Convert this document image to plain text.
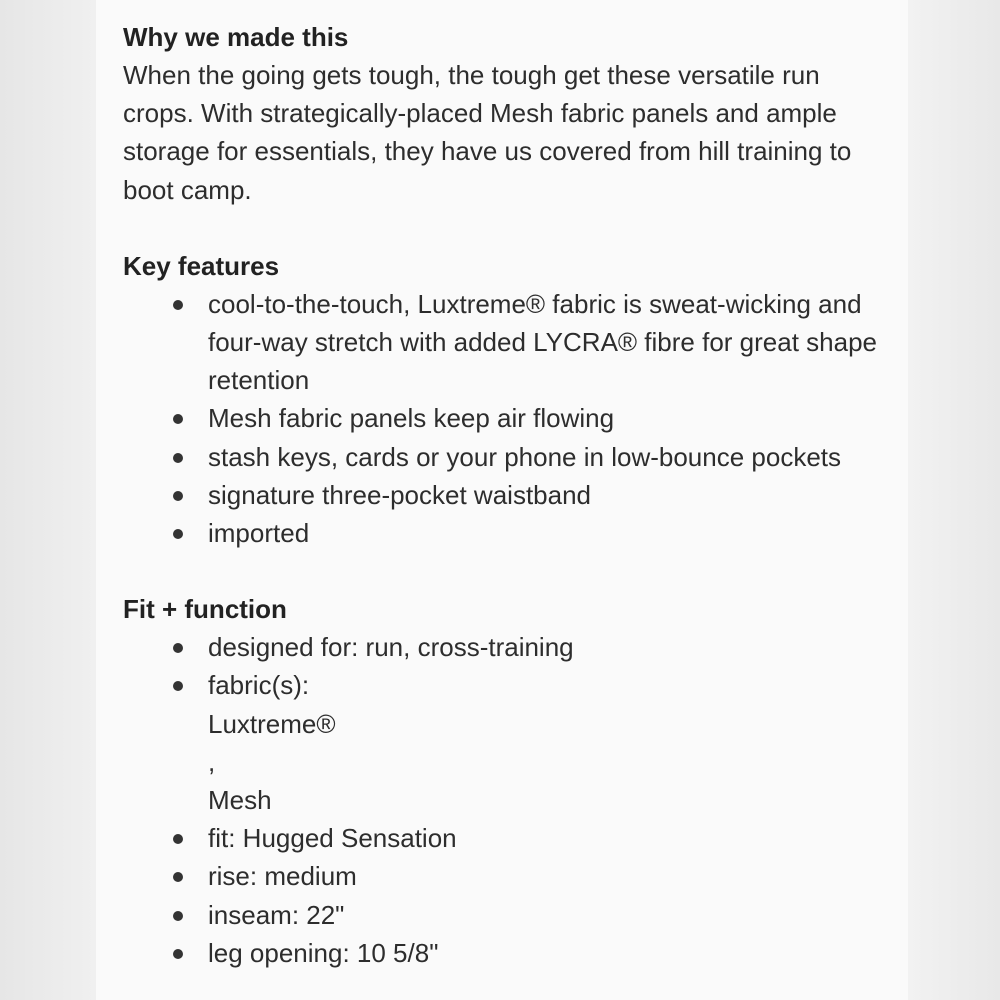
Why we made this

When the going gets tough, the tough get these versatile run crops. With strategically-placed Mesh fabric panels and ample storage for essentials, they have us covered from hill training to boot camp.

Key features
cool-to-the-touch, Luxtreme® fabric is sweat-wicking and four-way stretch with added LYCRA® fibre for great shape retention
Mesh fabric panels keep air flowing
stash keys, cards or your phone in low-bounce pockets
signature three-pocket waistband
imported
Fit + function
designed for: run, cross-training
fabric(s):
Luxtreme®
,
Mesh
fit: Hugged Sensation
rise: medium
inseam: 22"
leg opening: 10 5/8"
